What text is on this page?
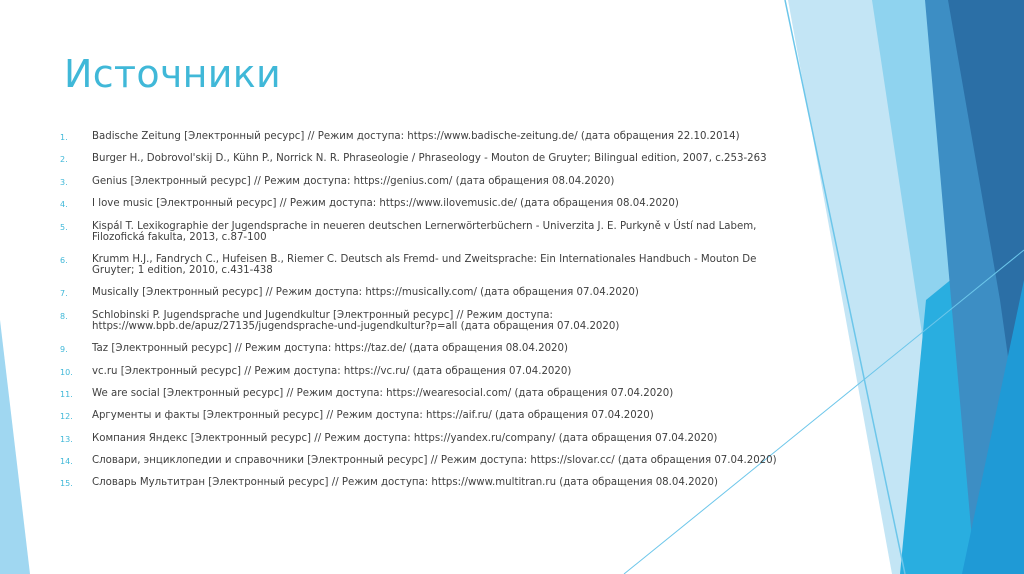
Источники
1. Badische Zeitung [Электронный ресурс] // Режим доступа: https://www.badische-zeitung.de/ (дата обращения 22.10.2014)
2. Burger H., Dobrovol'skij D., Kühn P., Norrick N. R. Phraseologie / Phraseology - Mouton de Gruyter; Bilingual edition, 2007, с.253-263
3. Genius [Электронный ресурс] // Режим доступа: https://genius.com/ (дата обращения 08.04.2020)
4. I love music [Электронный ресурс] // Режим доступа: https://www.ilovemusic.de/ (дата обращения 08.04.2020)
5. Kispál T. Lexikographie der Jugendsprache in neueren deutschen Lernerwörterbüchern - Univerzita J. E. Purkyně v Ústí nad Labem, Filozofická fakulta, 2013, с.87-100
6. Krumm H.J., Fandrych C., Hufeisen B., Riemer C. Deutsch als Fremd- und Zweitsprache: Ein Internationales Handbuch - Mouton De Gruyter; 1 edition, 2010, с.431-438
7. Musically [Электронный ресурс] // Режим доступа: https://musically.com/ (дата обращения 07.04.2020)
8. Schlobinski P. Jugendsprache und Jugendkultur [Электронный ресурс] // Режим доступа: https://www.bpb.de/apuz/27135/jugendsprache-und-jugendkultur?p=all (дата обращения 07.04.2020)
9. Taz [Электронный ресурс] // Режим доступа: https://taz.de/ (дата обращения 08.04.2020)
10. vc.ru [Электронный ресурс] // Режим доступа: https://vc.ru/ (дата обращения 07.04.2020)
11. We are social [Электронный ресурс] // Режим доступа: https://wearesocial.com/ (дата обращения 07.04.2020)
12. Аргументы и факты [Электронный ресурс] // Режим доступа: https://aif.ru/ (дата обращения 07.04.2020)
13. Компания Яндекс [Электронный ресурс] // Режим доступа: https://yandex.ru/company/ (дата обращения 07.04.2020)
14. Словари, энциклопедии и справочники [Электронный ресурс] // Режим доступа: https://slovar.cc/ (дата обращения 07.04.2020)
15. Словарь Мультитран [Электронный ресурс] // Режим доступа: https://www.multitran.ru (дата обращения 08.04.2020)
